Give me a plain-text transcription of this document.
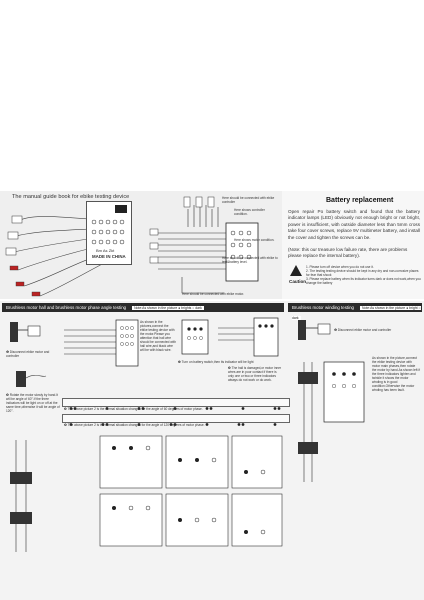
The manual guide book for ebike testing device
Bm As Zkt
MADE IN CHINA
Here should be connected with ebike controller
Here shows controller condition.
Here shows motor condition.
Here should be connected with ebike to test&battery level.
Here should be connected with ebike motor.
Battery replacement
Open repair Po battery switch and found that the battery indicator lamps (LED) obviously not enough bright or not bright, power is insufficient, with outside diameter less than 5mm cross take four cover screws, replace 9V multimeter battery, and install the cover and tighten the screws can be.
(Note: this our treasure low failure rate, there are problems please replace the internal battery).
Caution
1. Please turn off device when you do not use it.
2. The testing testing device should be kept in any dry and non-corrosive places for fear that shock
3. Please replace battery when its indicator turns dark or does not work,when you change the battery
Brushless motor hall and brushless motor phase angle testing Note:As shown in the picture ● brights ○ dark	Brushless motor winding testing Note:As shown in the picture ● bright ○ dark
❶ Disconnect ebike motor and controller
As shown in the pictures,connect the ebike testing device with the motor.Please you attention that hall wire should be connected with hall wire,and black wire will be with black wire.
❷ Turn on battery switch,then its indicator will be light
❸ Rotate the motor slowly by hand.It will be angle of 60°.If the three indicators will be light on or off at the same time,otherwise it will be angle of 120°.	❹ The above picture 2 is the normal situation changes for the angle of 60 degrees of motor phase.
❺ The above picture 2 is the normal situation changes for the angle of 120 degrees of motor phase.
❹ The hall is damaged,or motor inner wires are in poor contact if there is only one or two or three indicators always do not work or do work.
❶ Disconnect ebike motor and controller
As shown in the picture,connect the ebike testing device with motor main phases,then rotate the motor by hand.As shown left if the three indicators lighten and twinkle it shows the motor winding is in good condition.Otherwise the motor winding has been fault.
